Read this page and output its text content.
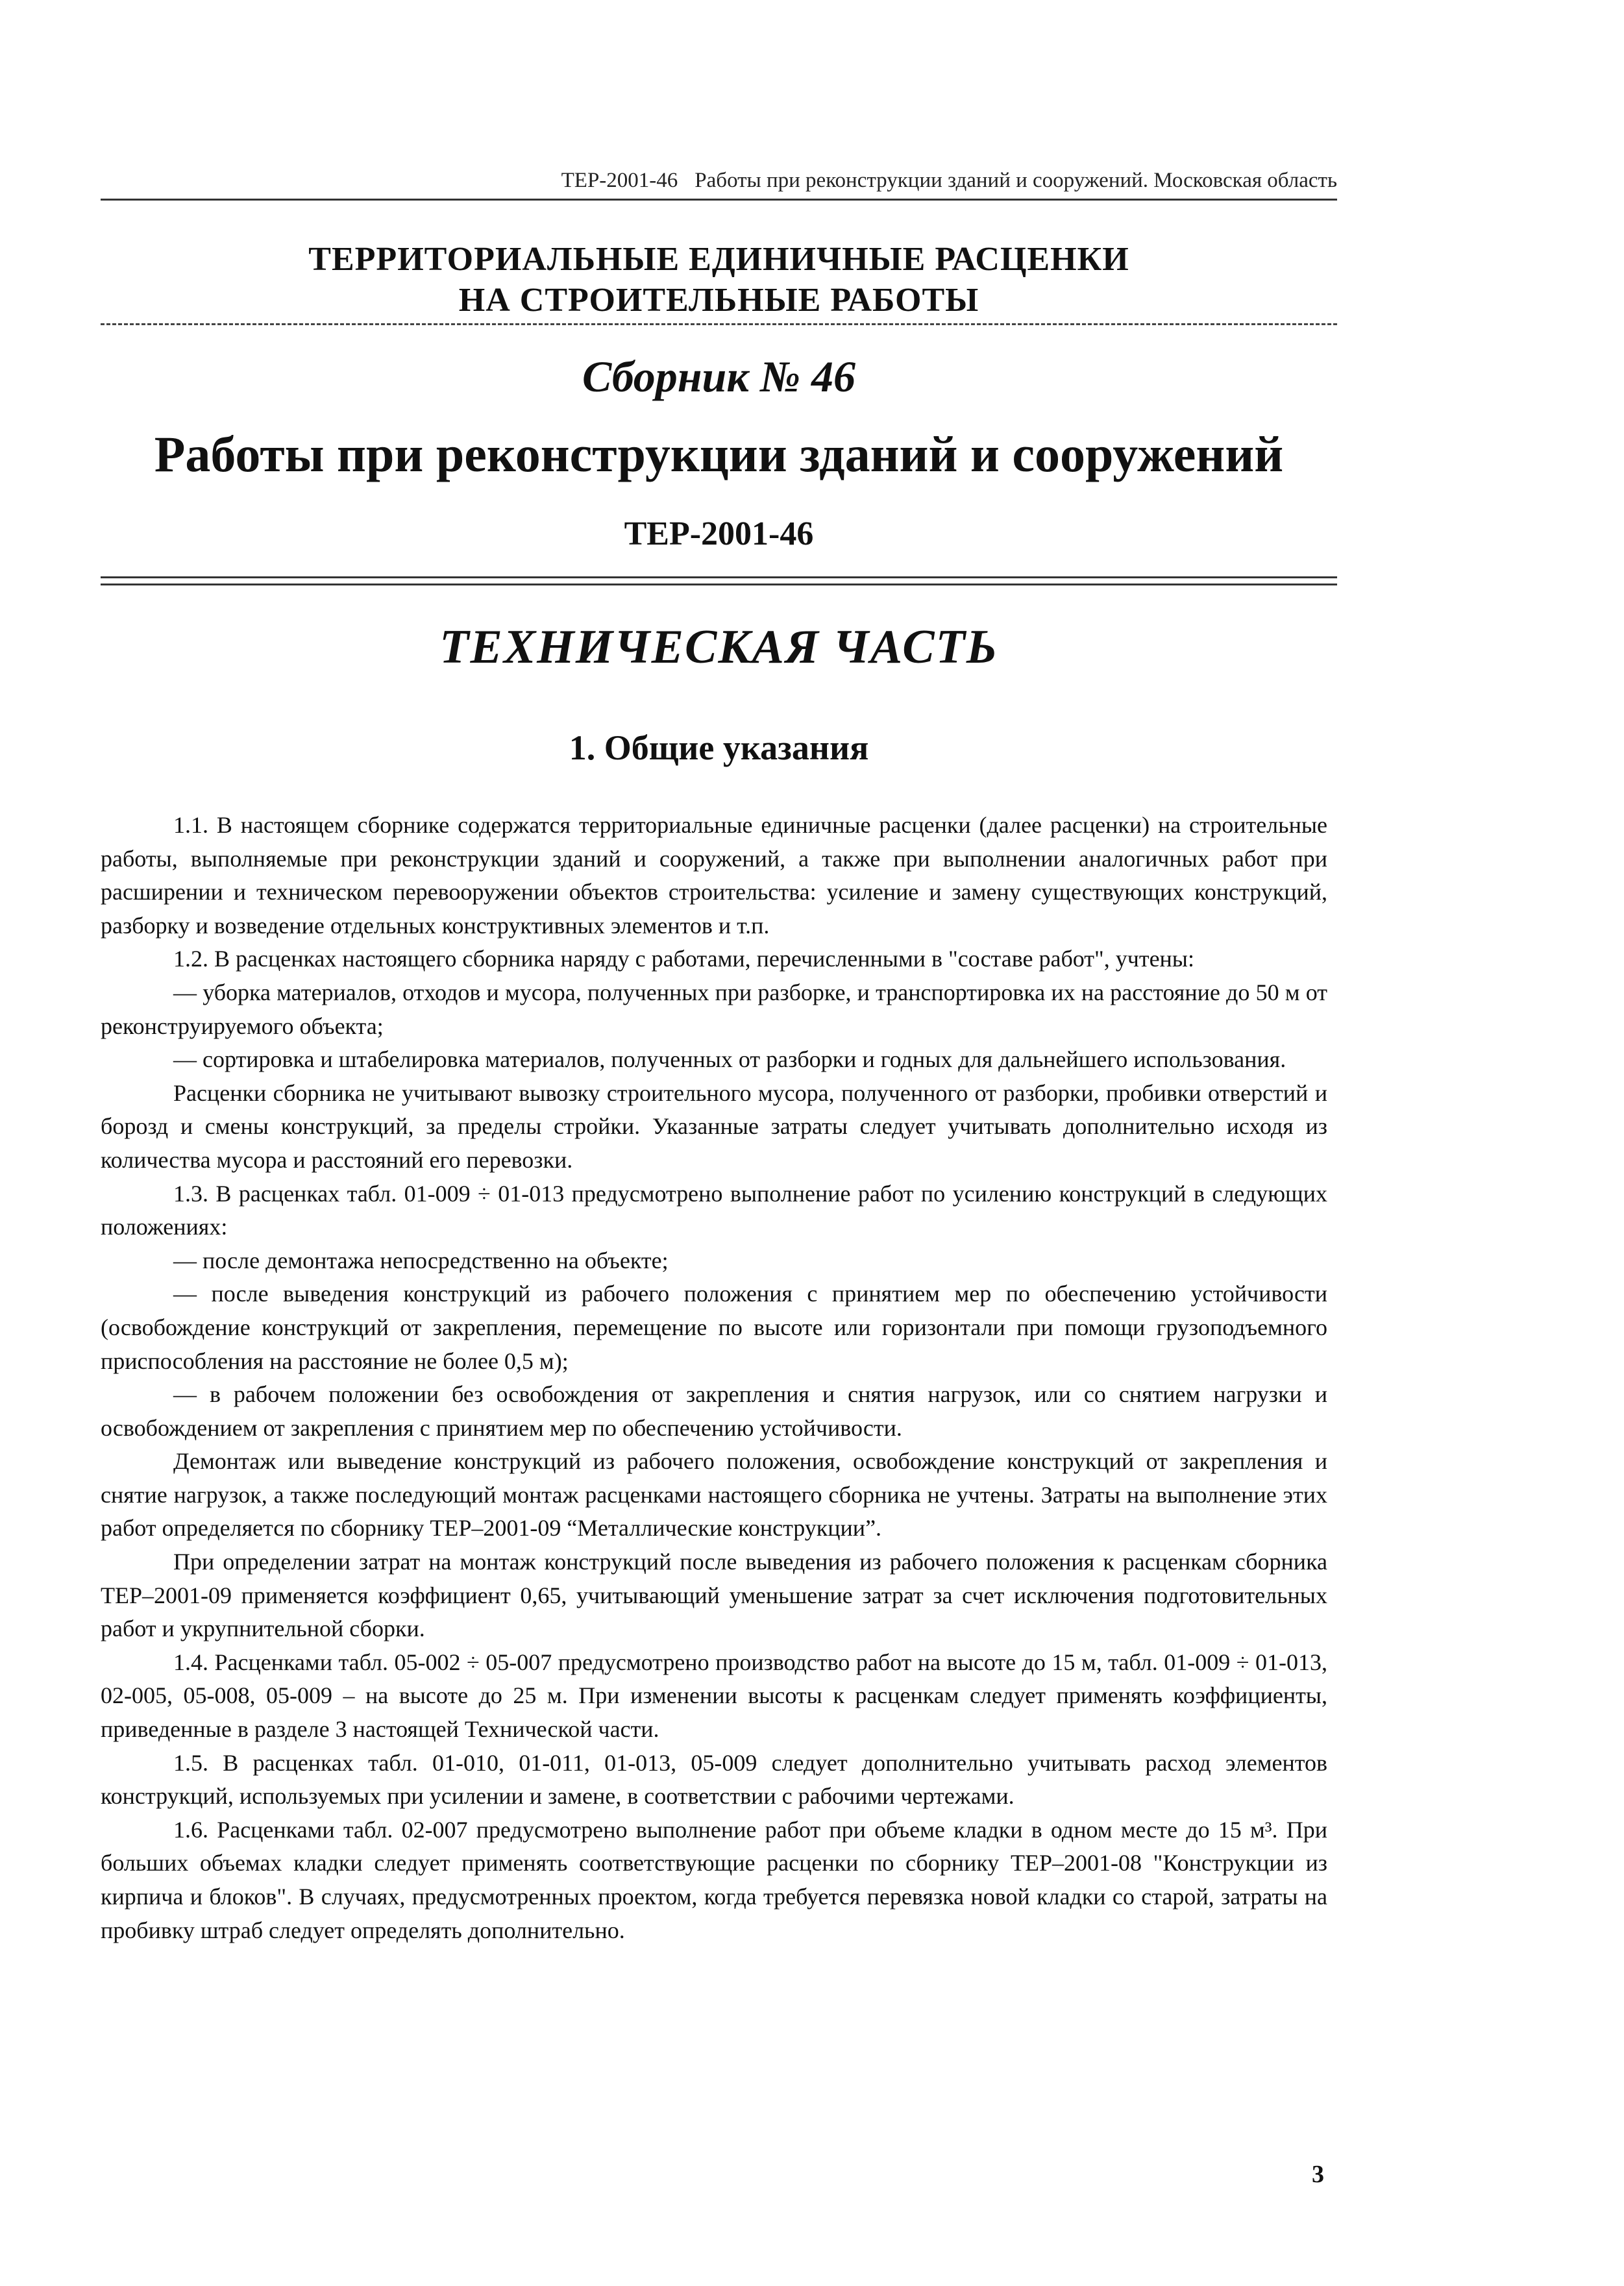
ТЕР-2001-46 Работы при реконструкции зданий и сооружений. Московская область
ТЕРРИТОРИАЛЬНЫЕ ЕДИНИЧНЫЕ РАСЦЕНКИ
НА СТРОИТЕЛЬНЫЕ РАБОТЫ
Сборник № 46
Работы при реконструкции зданий и сооружений
ТЕР-2001-46
ТЕХНИЧЕСКАЯ ЧАСТЬ
1. Общие указания

1.1. В настоящем сборнике содержатся территориальные единичные расценки (далее расценки) на строительные работы, выполняемые при реконструкции зданий и сооружений, а также при выполнении аналогичных работ при расширении и техническом перевооружении объектов строительства: усиление и замену существующих конструкций, разборку и возведение отдельных конструктивных элементов и т.п.

1.2. В расценках настоящего сборника наряду с работами, перечисленными в "составе работ", учтены:

— уборка материалов, отходов и мусора, полученных при разборке, и транспортировка их на расстояние до 50 м от реконструируемого объекта;

— сортировка и штабелировка материалов, полученных от разборки и годных для дальнейшего использования.

Расценки сборника не учитывают вывозку строительного мусора, полученного от разборки, пробивки отверстий и борозд и смены конструкций, за пределы стройки. Указанные затраты следует учитывать дополнительно исходя из количества мусора и расстояний его перевозки.

1.3. В расценках табл. 01-009 ÷ 01-013 предусмотрено выполнение работ по усилению конструкций в следующих положениях:

— после демонтажа непосредственно на объекте;

— после выведения конструкций из рабочего положения с принятием мер по обеспечению устойчивости (освобождение конструкций от закрепления, перемещение по высоте или горизонтали при помощи грузоподъемного приспособления на расстояние не более 0,5 м);

— в рабочем положении без освобождения от закрепления и снятия нагрузок, или со снятием нагрузки и освобождением от закрепления с принятием мер по обеспечению устойчивости.

Демонтаж или выведение конструкций из рабочего положения, освобождение конструкций от закрепления и снятие нагрузок, а также последующий монтаж расценками настоящего сборника не учтены. Затраты на выполнение этих работ определяется по сборнику ТЕР–2001-09 “Металлические конструкции”.

При определении затрат на монтаж конструкций после выведения из рабочего положения к расценкам сборника ТЕР–2001-09 применяется коэффициент 0,65, учитывающий уменьшение затрат за счет исключения подготовительных работ и укрупнительной сборки.

1.4. Расценками табл. 05-002 ÷ 05-007 предусмотрено производство работ на высоте до 15 м, табл. 01-009 ÷ 01-013, 02-005, 05-008, 05-009 – на высоте до 25 м. При изменении высоты к расценкам следует применять коэффициенты, приведенные в разделе 3 настоящей Технической части.

1.5. В расценках табл. 01-010, 01-011, 01-013, 05-009 следует дополнительно учитывать расход элементов конструкций, используемых при усилении и замене, в соответствии с рабочими чертежами.

1.6. Расценками табл. 02-007 предусмотрено выполнение работ при объеме кладки в одном месте до 15 м³. При больших объемах кладки следует применять соответствующие расценки по сборнику ТЕР–2001-08 "Конструкции из кирпича и блоков". В случаях, предусмотренных проектом, когда требуется перевязка новой кладки со старой, затраты на пробивку штраб следует определять дополнительно.

3
